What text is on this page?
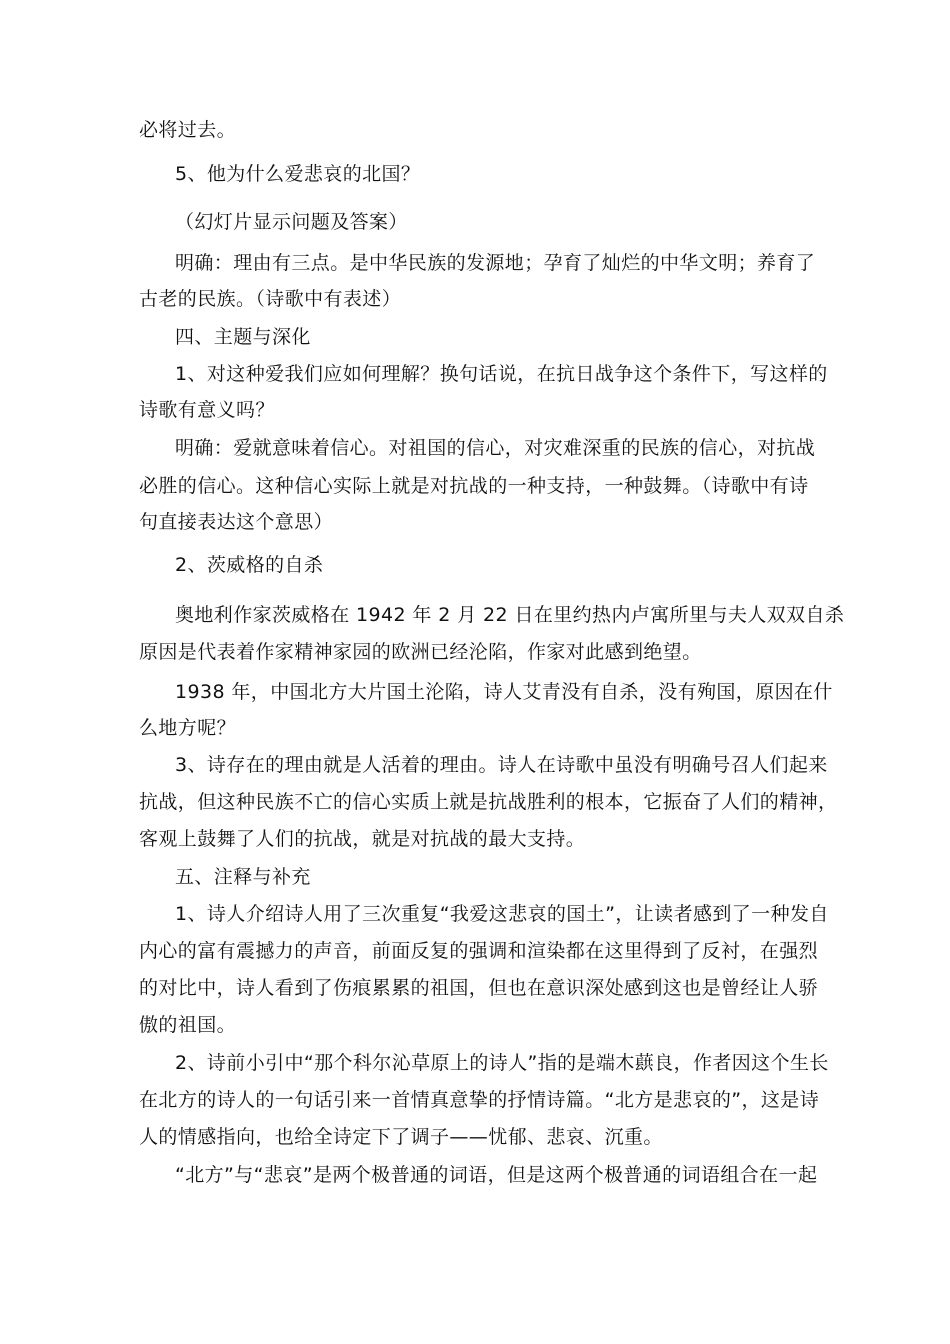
必将过去。
5、他为什么爱悲哀的北国？
（幻灯片显示问题及答案）
明确：理由有三点。是中华民族的发源地；孕育了灿烂的中华文明；养育了
古老的民族。（诗歌中有表述）
四、主题与深化
1、对这种爱我们应如何理解？换句话说，在抗日战争这个条件下，写这样的
诗歌有意义吗？
明确：爱就意味着信心。对祖国的信心，对灾难深重的民族的信心，对抗战
必胜的信心。这种信心实际上就是对抗战的一种支持，一种鼓舞。（诗歌中有诗
句直接表达这个意思）
2、茨威格的自杀
奥地利作家茨威格在 1942 年 2 月 22 日在里约热内卢寓所里与夫人双双自杀
原因是代表着作家精神家园的欧洲已经沦陷，作家对此感到绝望。
1938 年，中国北方大片国土沦陷，诗人艾青没有自杀，没有殉国，原因在什
么地方呢？
3、诗存在的理由就是人活着的理由。诗人在诗歌中虽没有明确号召人们起来
抗战，但这种民族不亡的信心实质上就是抗战胜利的根本，它振奋了人们的精神，
客观上鼓舞了人们的抗战，就是对抗战的最大支持。
五、注释与补充
1、诗人介绍诗人用了三次重复“我爱这悲哀的国土”，让读者感到了一种发自
内心的富有震撼力的声音，前面反复的强调和渲染都在这里得到了反衬，在强烈
的对比中，诗人看到了伤痕累累的祖国，但也在意识深处感到这也是曾经让人骄
傲的祖国。
2、诗前小引中“那个科尔沁草原上的诗人”指的是端木蕻良，作者因这个生长
在北方的诗人的一句话引来一首情真意挚的抒情诗篇。“北方是悲哀的”，这是诗
人的情感指向，也给全诗定下了调子——忧郁、悲哀、沉重。
“北方”与“悲哀”是两个极普通的词语，但是这两个极普通的词语组合在一起
